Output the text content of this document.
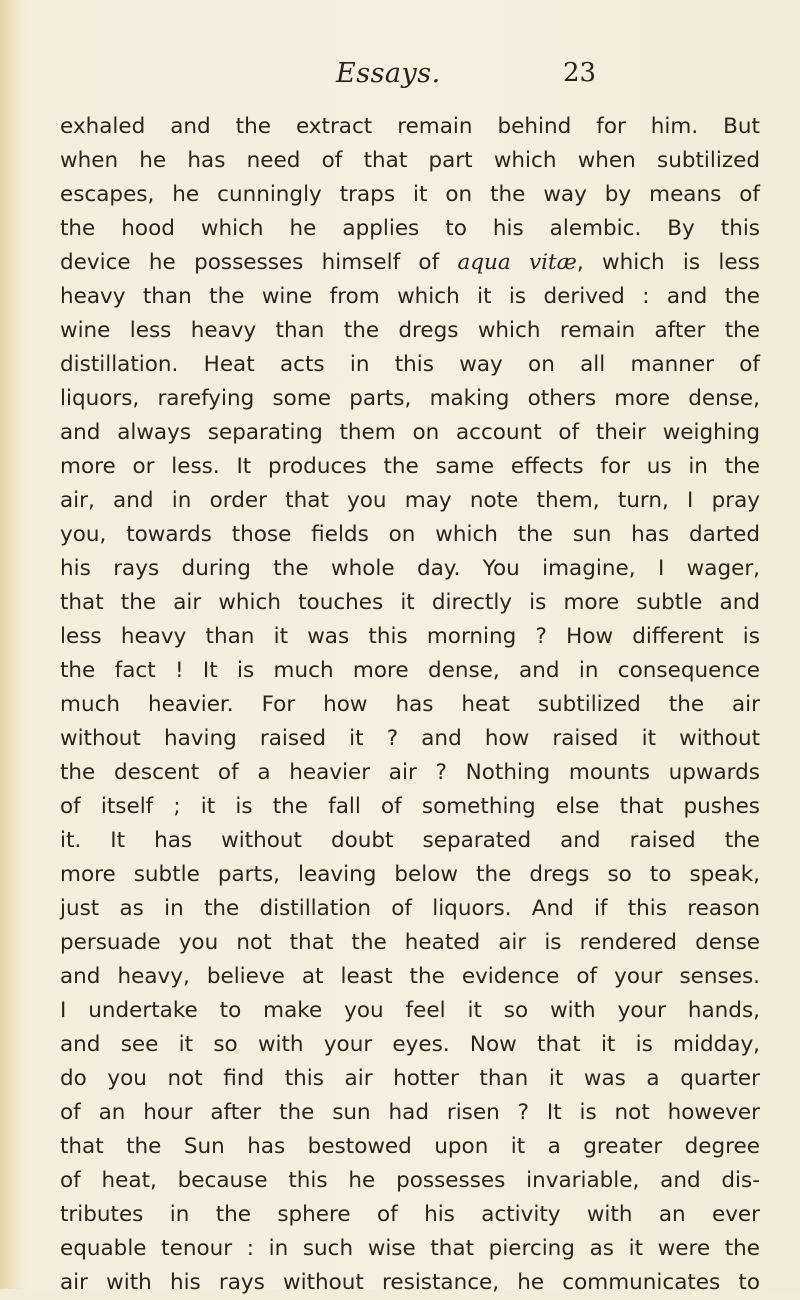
Essays.	23
exhaled and the extract remain behind for him. But
when he has need of that part which when subtilized
escapes, he cunningly traps it on the way by means of
the hood which he applies to his alembic. By this
device he possesses himself of aqua vitæ, which is less
heavy than the wine from which it is derived : and the
wine less heavy than the dregs which remain after the
distillation. Heat acts in this way on all manner of
liquors, rarefying some parts, making others more dense,
and always separating them on account of their weighing
more or less. It produces the same effects for us in the
air, and in order that you may note them, turn, I pray
you, towards those fields on which the sun has darted
his rays during the whole day. You imagine, I wager,
that the air which touches it directly is more subtle and
less heavy than it was this morning ? How different is
the fact ! It is much more dense, and in consequence
much heavier. For how has heat subtilized the air
without having raised it ? and how raised it without
the descent of a heavier air ? Nothing mounts upwards
of itself ; it is the fall of something else that pushes
it. It has without doubt separated and raised the
more subtle parts, leaving below the dregs so to speak,
just as in the distillation of liquors. And if this reason
persuade you not that the heated air is rendered dense
and heavy, believe at least the evidence of your senses.
I undertake to make you feel it so with your hands,
and see it so with your eyes. Now that it is midday,
do you not find this air hotter than it was a quarter
of an hour after the sun had risen ? It is not however
that the Sun has bestowed upon it a greater degree
of heat, because this he possesses invariable, and dis-
tributes in the sphere of his activity with an ever
equable tenour : in such wise that piercing as it were the
air with his rays without resistance, he communicates to
